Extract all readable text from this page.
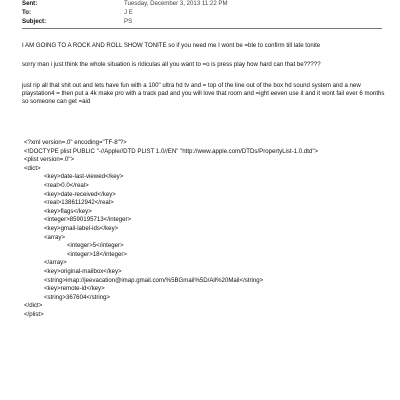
Sent:	Tuesday, December 3, 2013 11:22 PM
To:	J E
Subject:	PS

I AM GOING TO A ROCK AND ROLL SHOW TONITE so if you need me I wont be =ble to confirm till late tonite

sorry man i just think the whole situation is ridiculas all you want to =o is press play how hard can that be?????

just rip all that shit out and lets have fun with a 100" ultra hd tv and = top of the line out of the box hd sound system and a new playstation4 = then put a 4k make pro with a track pad and you will love that room and =ight eeven use it and it wont fail ever 6 months so someone can get =aid

<?xml version=.0" encoding="TF-8"?>
<!DOCTYPE plist PUBLIC "-//Apple//DTD PLIST 1.0//EN" "http://www.apple.com/DTDs/PropertyList-1.0.dtd">
<plist version=.0">
<dict>
<key>date-last-viewed</key>
<real>0.0</real>
<key>date-received</key>
<real>1386112942</real>
<key>flags</key>
<integer>8590195713</integer>
<key>gmail-label-ids</key>
<array>
<integer>5</integer>
<integer>18</integer>
</array>
<key>original-mailbox</key>
<string>imap://jeevacation@imap.gmail.com/%5BGmail%5D/All%20Mail</string>
<key>remote-id</key>
<string>367604</string>
</dict>
</plist>
